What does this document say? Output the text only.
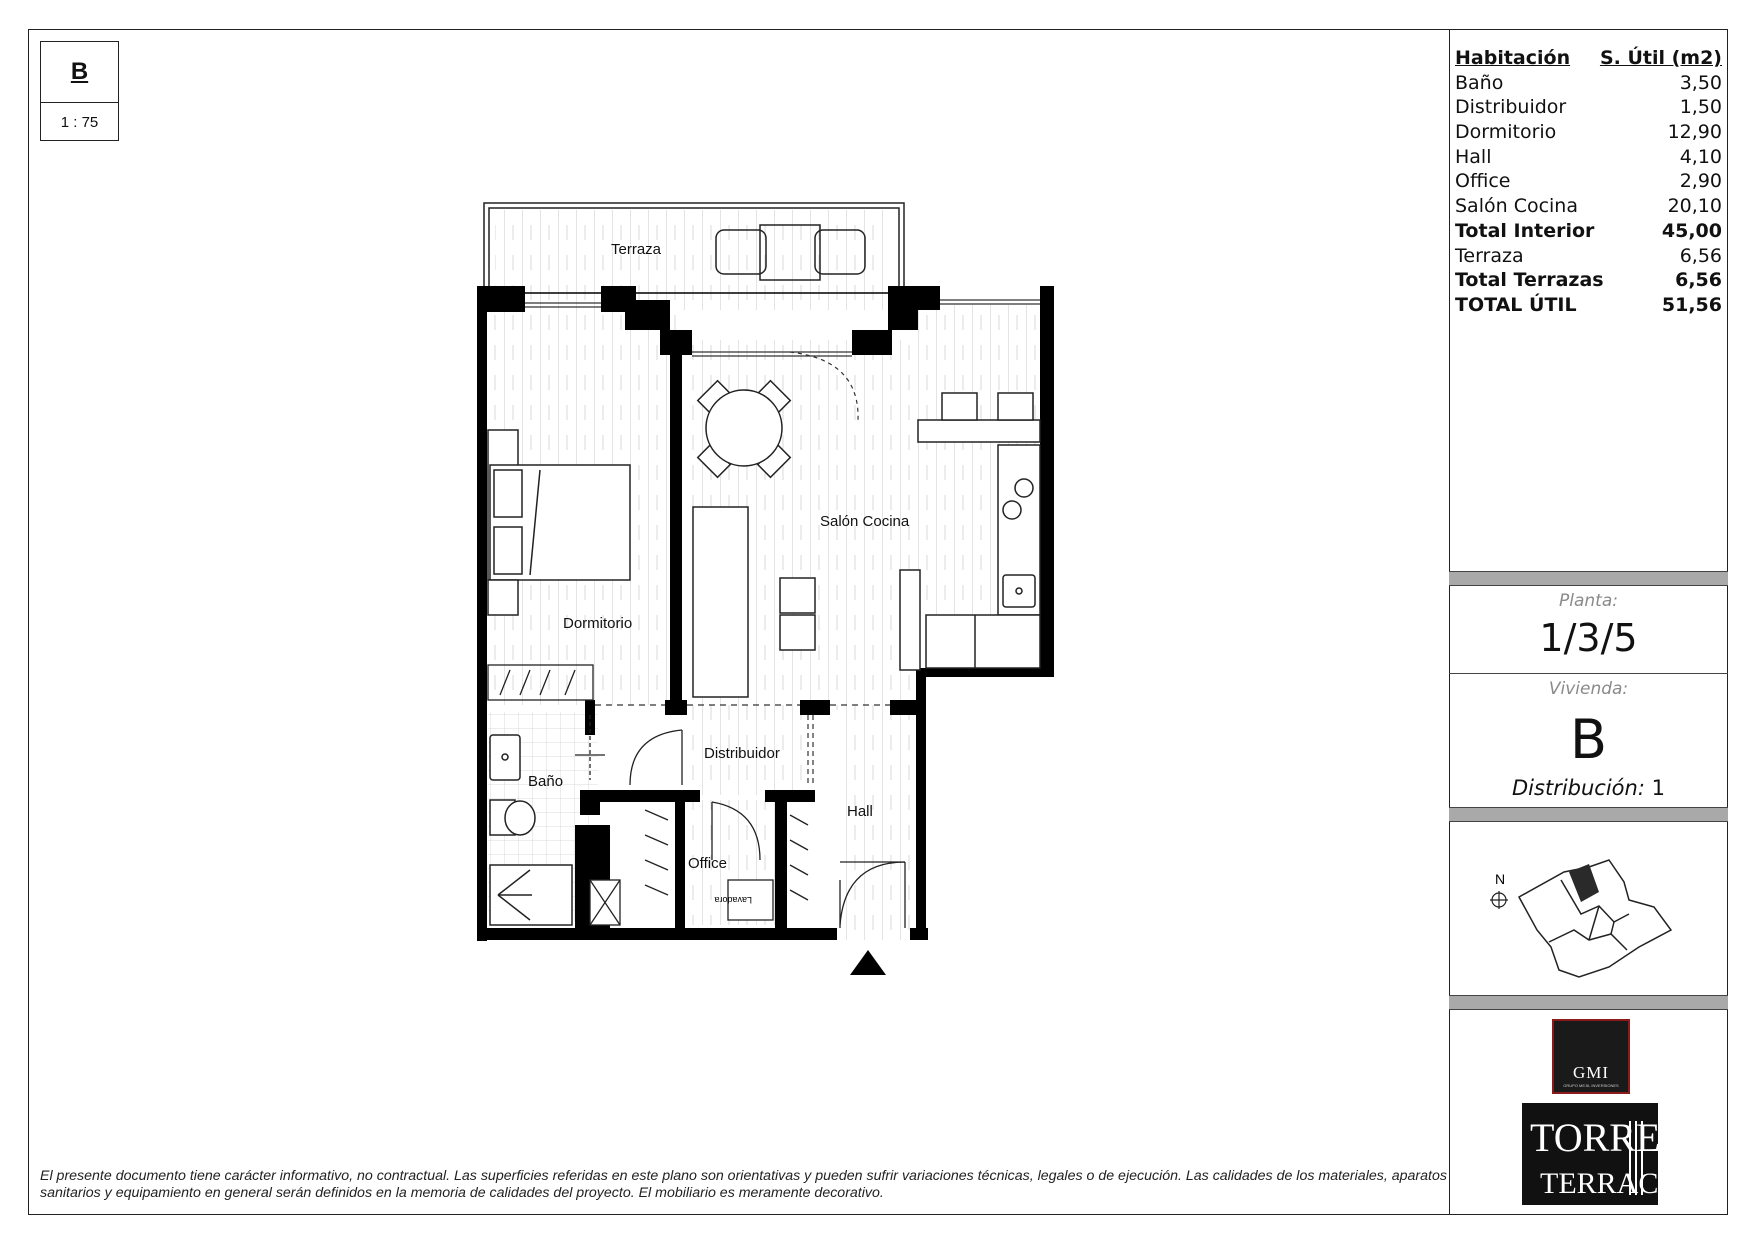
B
1 : 75
Habitación S. Útil (m2)
Baño	3,50
Distribuidor	1,50
Dormitorio	12,90
Hall	4,10
Office	2,90
Salón Cocina	20,10
Total Interior	45,00
Terraza	6,56
Total Terrazas	6,56
TOTAL ÚTIL	51,56
Planta:
1/3/5
Vivienda:
B
Distribución: 1
N
GMI
GRUPO MEJIL INVERSIONES
TORRE
TERRACE
El presente documento tiene carácter informativo, no contractual. Las superficies referidas en este plano son orientativas y pueden sufrir variaciones técnicas, legales o de ejecución. Las calidades de los materiales, aparatos sanitarios y equipamiento en general serán definidos en la memoria de calidades del proyecto. El mobiliario es meramente decorativo.
Terraza
Salón Cocina
Dormitorio
Distribuidor
Baño
Hall
Office
Lavadora
